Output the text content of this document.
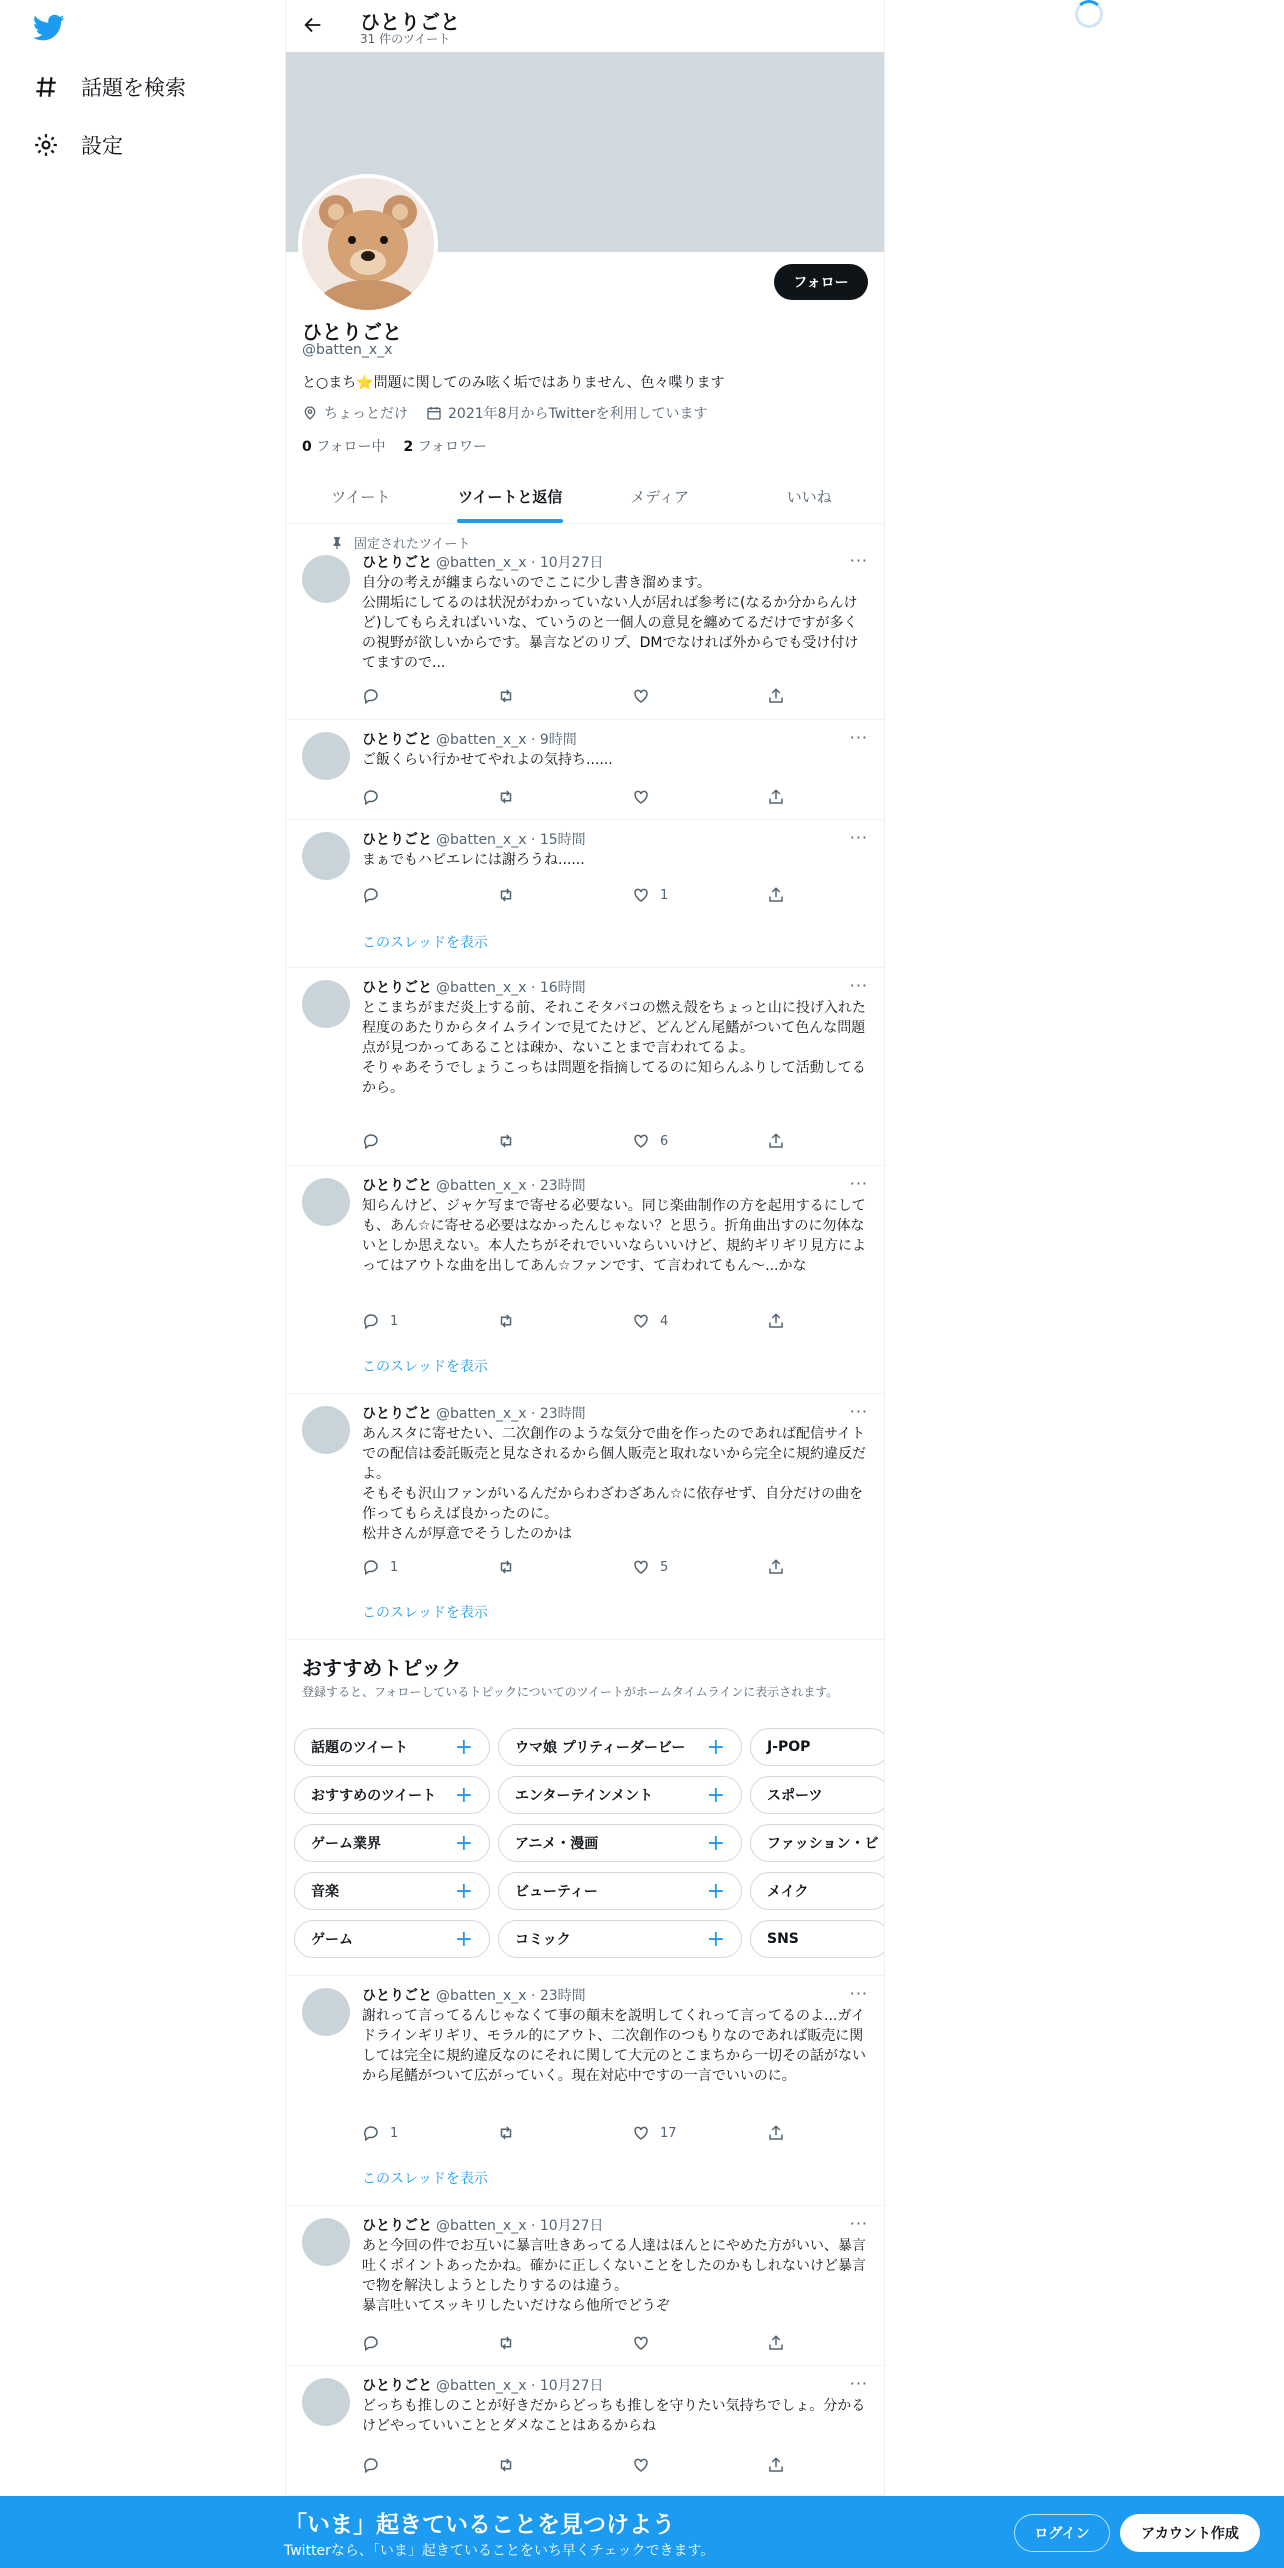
話題を検索
設定
ひとりごと
31 件のツイート
フォロー
ひとりごと
@batten_x_x
と○まち⭐問題に関してのみ呟く垢ではありません、色々喋ります
ちょっとだけ	2021年8月からTwitterを利用しています
0 フォロー中 2 フォロワー
ツイート	ツイートと返信	メディア	いいね
固定されたツイート
···
ひとりごと @batten_x_x · 10月27日
自分の考えが纏まらないのでここに少し書き溜めます。
公開垢にしてるのは状況がわかっていない人が居れば参考に(なるか分からんけど)してもらえればいいな、ていうのと一個人の意見を纏めてるだけですが多くの視野が欲しいからです。暴言などのリプ、DMでなければ外からでも受け付けてますので...
···
ひとりごと @batten_x_x · 9時間
ご飯くらい行かせてやれよの気持ち......
···
ひとりごと @batten_x_x · 15時間
まぁでもハピエレには謝ろうね......
1
このスレッドを表示
···
ひとりごと @batten_x_x · 16時間
とこまちがまだ炎上する前、それこそタバコの燃え殻をちょっと山に投げ入れた程度のあたりからタイムラインで見てたけど、どんどん尾鰭がついて色んな問題点が見つかってあることは疎か、ないことまで言われてるよ。
そりゃあそうでしょうこっちは問題を指摘してるのに知らんふりして活動してるから。
6
···
ひとりごと @batten_x_x · 23時間
知らんけど、ジャケ写まで寄せる必要ない。同じ楽曲制作の方を起用するにしても、あん☆に寄せる必要はなかったんじゃない？と思う。折角曲出すのに勿体ないとしか思えない。本人たちがそれでいいならいいけど、規約ギリギリ見方によってはアウトな曲を出してあん☆ファンです、て言われてもん〜...かな
1	4
このスレッドを表示
···
ひとりごと @batten_x_x · 23時間
あんスタに寄せたい、二次創作のような気分で曲を作ったのであれば配信サイトでの配信は委託販売と見なされるから個人販売と取れないから完全に規約違反だよ。
そもそも沢山ファンがいるんだからわざわざあん☆に依存せず、自分だけの曲を作ってもらえば良かったのに。
松井さんが厚意でそうしたのかは
1	5
このスレッドを表示
おすすめトピック

登録すると、フォローしているトピックについてのツイートがホームタイムラインに表示されます。

話題のツイート +	ウマ娘 プリティーダービー +	J-POP
おすすめのツイート +	エンターテインメント +	スポーツ
ゲーム業界	+	アニメ・漫画	+	ファッション・ビ
音楽	+	ビューティー	+	メイク
ゲーム	+	コミック	+	SNS
···
ひとりごと @batten_x_x · 23時間
謝れって言ってるんじゃなくて事の顛末を説明してくれって言ってるのよ...ガイドラインギリギリ、モラル的にアウト、二次創作のつもりなのであれば販売に関しては完全に規約違反なのにそれに関して大元のとこまちから一切その話がないから尾鰭がついて広がっていく。現在対応中ですの一言でいいのに。
1	17
このスレッドを表示
···
ひとりごと @batten_x_x · 10月27日
あと今回の件でお互いに暴言吐きあってる人達はほんとにやめた方がいい、暴言吐くポイントあったかね。確かに正しくないことをしたのかもしれないけど暴言で物を解決しようとしたりするのは違う。
暴言吐いてスッキリしたいだけなら他所でどうぞ
···
ひとりごと @batten_x_x · 10月27日
どっちも推しのことが好きだからどっちも推しを守りたい気持ちでしょ。分かるけどやっていいこととダメなことはあるからね
「いま」起きていることを見つけよう
Twitterなら、「いま」起きていることをいち早くチェックできます。
ログイン	アカウント作成
